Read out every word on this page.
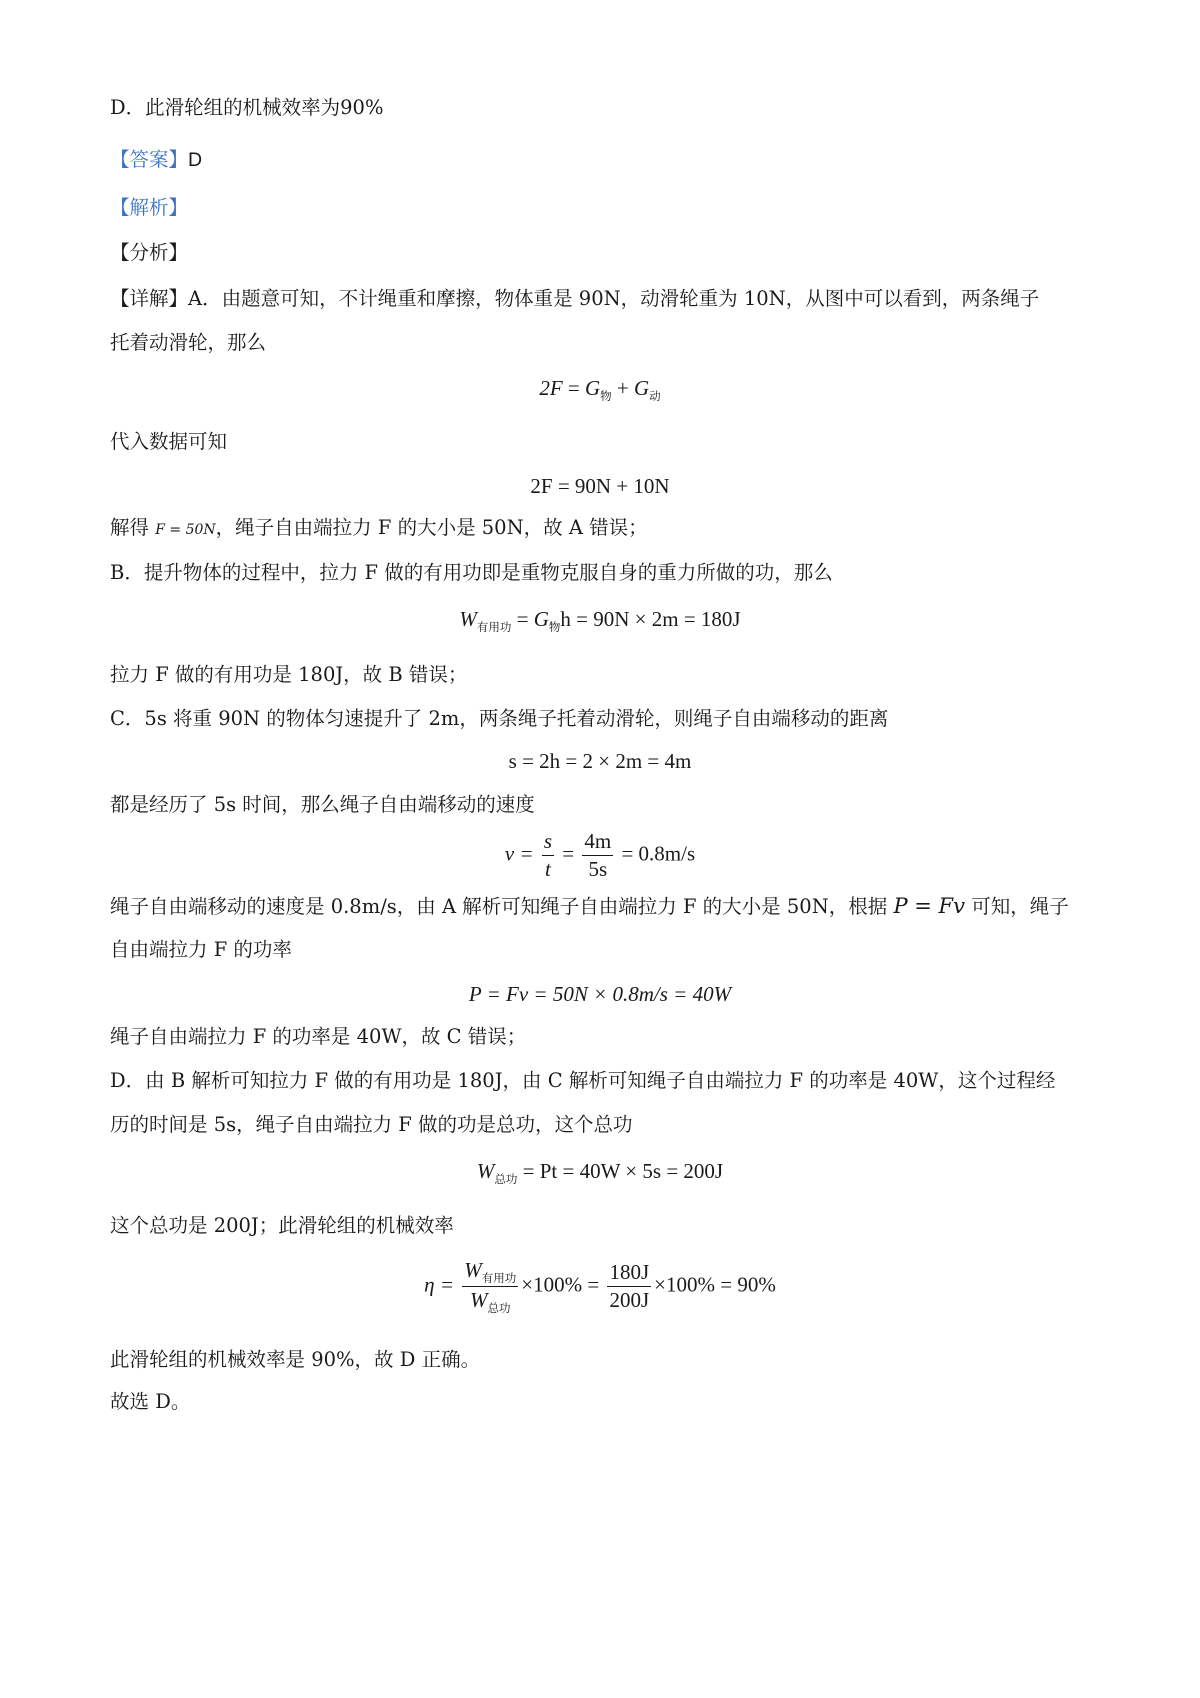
D．此滑轮组的机械效率为90%
【答案】D
【解析】
【分析】
【详解】A．由题意可知，不计绳重和摩擦，物体重是 90N，动滑轮重为 10N，从图中可以看到，两条绳子
托着动滑轮，那么
$2F = G_物 + G_动$
代入数据可知
2F = 90N + 10N
解得 F = 50N，绳子自由端拉力 F 的大小是 50N，故 A 错误；
B．提升物体的过程中，拉力 F 做的有用功即是重物克服自身的重力所做的功，那么
$W_{有用功} = G_物h = 90N \times 2m = 180J$
拉力 F 做的有用功是 180J，故 B 错误；
C．5s 将重 90N 的物体匀速提升了 2m，两条绳子托着动滑轮，则绳子自由端移动的距离
s = 2h = 2 × 2m = 4m
都是经历了 5s 时间，那么绳子自由端移动的速度
$v = \frac{s}{t} = \frac{4m}{5s} = 0.8m/s$
绳子自由端移动的速度是 0.8m/s，由 A 解析可知绳子自由端拉力 F 的大小是 50N，根据 P = Fv 可知，绳子
自由端拉力 F 的功率
P = Fv = 50N × 0.8m/s = 40W
绳子自由端拉力 F 的功率是 40W，故 C 错误；
D．由 B 解析可知拉力 F 做的有用功是 180J，由 C 解析可知绳子自由端拉力 F 的功率是 40W，这个过程经
历的时间是 5s，绳子自由端拉力 F 做的功是总功，这个总功
$W_{总功} = Pt = 40W \times 5s = 200J$
这个总功是 200J；此滑轮组的机械效率
$\eta = \frac{W_{有用功}}{W_{总功}} \times 100\% = \frac{180J}{200J} \times 100\% = 90\%$
此滑轮组的机械效率是 90%，故 D 正确。
故选 D。
